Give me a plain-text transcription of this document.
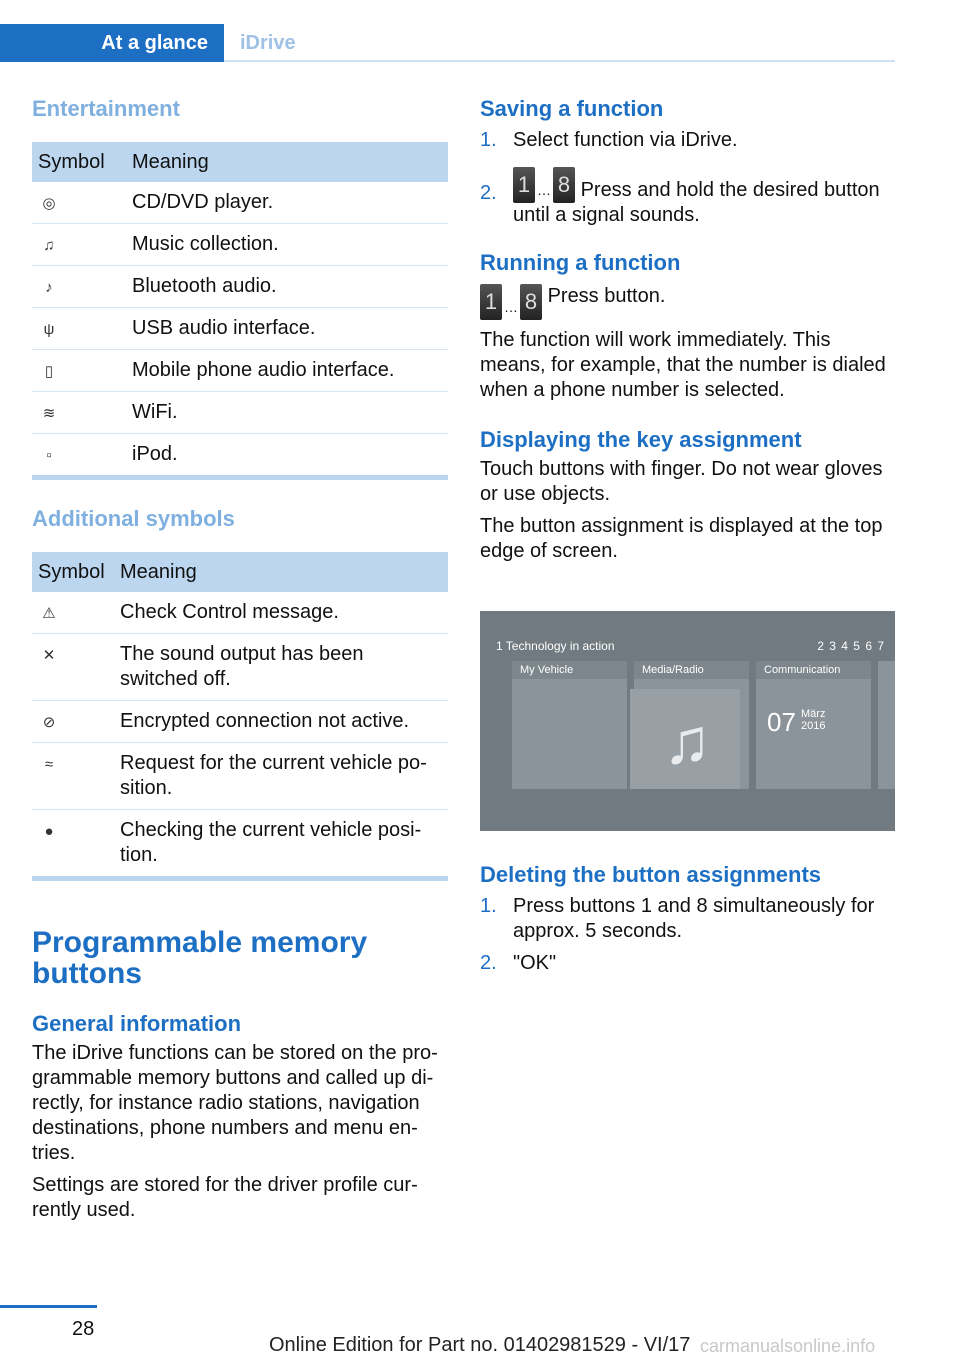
At a glance	iDrive
Entertainment
Symbol	Meaning
◎	CD/DVD player.
♫	Music collection.
♪	Bluetooth audio.
ψ	USB audio interface.
▯	Mobile phone audio interface.
≋	WiFi.
▫	iPod.
Additional symbols
Symbol	Meaning
⚠	Check Control message.
✕	The sound output has been switched off.
⊘	Encrypted connection not active.
≈	Request for the current vehicle po-sition.
●	Checking the current vehicle posi-tion.
Programmable memory buttons
General information

The iDrive functions can be stored on the pro-grammable memory buttons and called up di-rectly, for instance radio stations, navigation destinations, phone numbers and menu en-tries.

Settings are stored for the driver profile cur-rently used.

Saving a function
1. Select function via iDrive.
2. 1 … 8 Press and hold the desired button until a signal sounds.
Running a function
1 … 8 Press button.

The function will work immediately. This means, for example, that the number is dialed when a phone number is selected.

Displaying the key assignment

Touch buttons with finger. Do not wear gloves or use objects.

The button assignment is displayed at the top edge of screen.

1 Technology in action	2 3 4 5 6 7
My Vehicle	Media/Radio	Communication
♫ 07 März
2016
Deleting the button assignments
1. Press buttons 1 and 8 simultaneously for approx. 5 seconds.
2. "OK"
28
Online Edition for Part no. 01402981529 - VI/17 carmanualsonline.info
